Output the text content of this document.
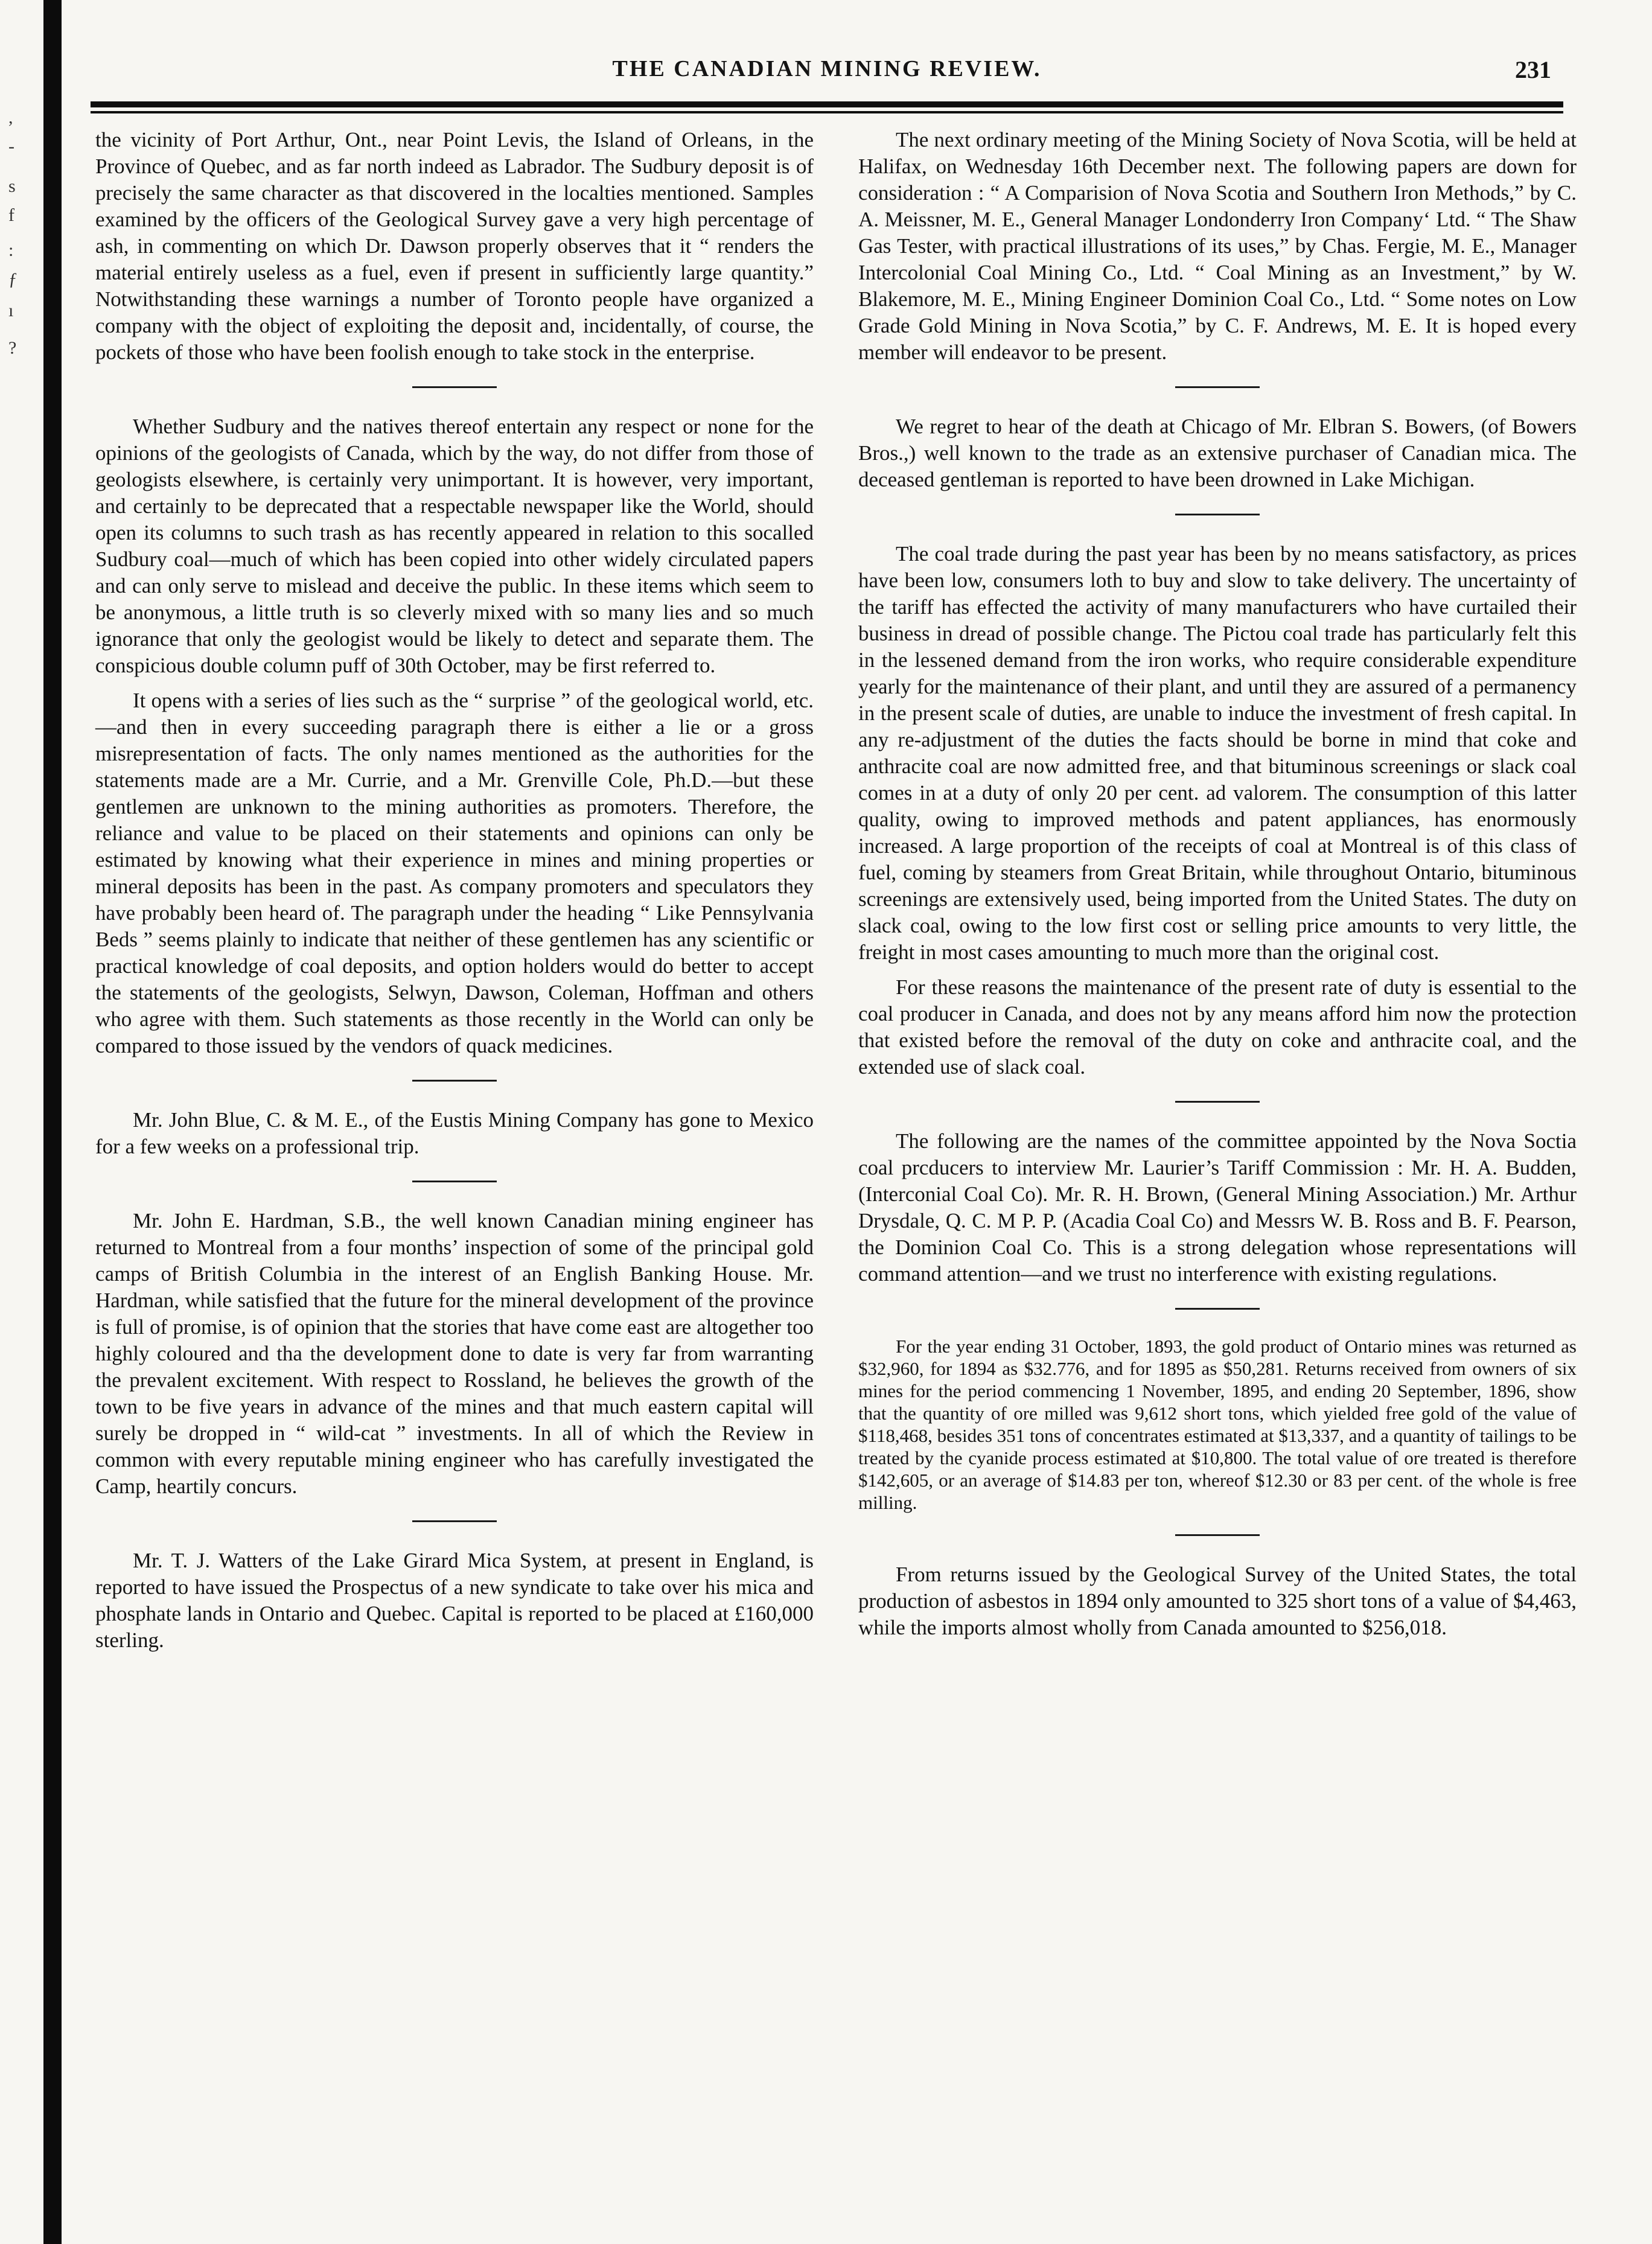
,
-
s
f
:
ƒ
ı
?
THE CANADIAN MINING REVIEW.	231

the vicinity of Port Arthur, Ont., near Point Levis, the Island of Orleans, in the Province of Quebec, and as far north indeed as Labrador. The Sudbury deposit is of precisely the same character as that discovered in the localties mentioned. Samples examined by the officers of the Geological Survey gave a very high percentage of ash, in commenting on which Dr. Dawson properly observes that it “ renders the material entirely useless as a fuel, even if present in sufficiently large quantity.” Notwithstanding these warnings a number of Toronto people have organized a company with the object of exploiting the deposit and, incidentally, of course, the pockets of those who have been foolish enough to take stock in the enterprise.

Whether Sudbury and the natives thereof entertain any respect or none for the opinions of the geologists of Canada, which by the way, do not differ from those of geologists elsewhere, is certainly very unimportant. It is however, very important, and certainly to be deprecated that a respectable newspaper like the World, should open its columns to such trash as has recently appeared in relation to this socalled Sudbury coal—much of which has been copied into other widely circulated papers and can only serve to mislead and deceive the public. In these items which seem to be anonymous, a little truth is so cleverly mixed with so many lies and so much ignorance that only the geologist would be likely to detect and separate them. The conspicious double column puff of 30th October, may be first referred to.

It opens with a series of lies such as the “ surprise ” of the geological world, etc.—and then in every succeeding paragraph there is either a lie or a gross misrepresentation of facts. The only names mentioned as the authorities for the statements made are a Mr. Currie, and a Mr. Grenville Cole, Ph.D.—but these gentlemen are unknown to the mining authorities as promoters. Therefore, the reliance and value to be placed on their statements and opinions can only be estimated by knowing what their experience in mines and mining properties or mineral deposits has been in the past. As company promoters and speculators they have probably been heard of. The paragraph under the heading “ Like Pennsylvania Beds ” seems plainly to indicate that neither of these gentlemen has any scientific or practical knowledge of coal deposits, and option holders would do better to accept the statements of the geologists, Selwyn, Dawson, Coleman, Hoffman and others who agree with them. Such statements as those recently in the World can only be compared to those issued by the vendors of quack medicines.

Mr. John Blue, C. & M. E., of the Eustis Mining Company has gone to Mexico for a few weeks on a professional trip.

Mr. John E. Hardman, S.B., the well known Canadian mining engineer has returned to Montreal from a four months’ inspection of some of the principal gold camps of British Columbia in the interest of an English Banking House. Mr. Hardman, while satisfied that the future for the mineral development of the province is full of promise, is of opinion that the stories that have come east are altogether too highly coloured and tha the development done to date is very far from warranting the prevalent excitement. With respect to Rossland, he believes the growth of the town to be five years in advance of the mines and that much eastern capital will surely be dropped in “ wild-cat ” investments. In all of which the Review in common with every reputable mining engineer who has carefully investigated the Camp, heartily concurs.

Mr. T. J. Watters of the Lake Girard Mica System, at present in England, is reported to have issued the Prospectus of a new syndicate to take over his mica and phosphate lands in Ontario and Quebec. Capital is reported to be placed at £160,000 sterling.

The next ordinary meeting of the Mining Society of Nova Scotia, will be held at Halifax, on Wednesday 16th December next. The following papers are down for consideration : “ A Comparision of Nova Scotia and Southern Iron Methods,” by C. A. Meissner, M. E., General Manager Londonderry Iron Company‘ Ltd. “ The Shaw Gas Tester, with practical illustrations of its uses,” by Chas. Fergie, M. E., Manager Intercolonial Coal Mining Co., Ltd. “ Coal Mining as an Investment,” by W. Blakemore, M. E., Mining Engineer Dominion Coal Co., Ltd. “ Some notes on Low Grade Gold Mining in Nova Scotia,” by C. F. Andrews, M. E. It is hoped every member will endeavor to be present.

We regret to hear of the death at Chicago of Mr. Elbran S. Bowers, (of Bowers Bros.,) well known to the trade as an extensive purchaser of Canadian mica. The deceased gentleman is reported to have been drowned in Lake Michigan.

The coal trade during the past year has been by no means satisfactory, as prices have been low, consumers loth to buy and slow to take delivery. The uncertainty of the tariff has effected the activity of many manufacturers who have curtailed their business in dread of possible change. The Pictou coal trade has particularly felt this in the lessened demand from the iron works, who require considerable expenditure yearly for the maintenance of their plant, and until they are assured of a permanency in the present scale of duties, are unable to induce the investment of fresh capital. In any re-adjustment of the duties the facts should be borne in mind that coke and anthracite coal are now admitted free, and that bituminous screenings or slack coal comes in at a duty of only 20 per cent. ad valorem. The consumption of this latter quality, owing to improved methods and patent appliances, has enormously increased. A large proportion of the receipts of coal at Montreal is of this class of fuel, coming by steamers from Great Britain, while throughout Ontario, bituminous screenings are extensively used, being imported from the United States. The duty on slack coal, owing to the low first cost or selling price amounts to very little, the freight in most cases amounting to much more than the original cost.

For these reasons the maintenance of the present rate of duty is essential to the coal producer in Canada, and does not by any means afford him now the protection that existed before the removal of the duty on coke and anthracite coal, and the extended use of slack coal.

The following are the names of the committee appointed by the Nova Soctia coal prcducers to interview Mr. Laurier’s Tariff Commission : Mr. H. A. Budden, (Interconial Coal Co). Mr. R. H. Brown, (General Mining Association.) Mr. Arthur Drysdale, Q. C. M P. P. (Acadia Coal Co) and Messrs W. B. Ross and B. F. Pearson, the Dominion Coal Co. This is a strong delegation whose representations will command attention—and we trust no interference with existing regulations.

For the year ending 31 October, 1893, the gold product of Ontario mines was returned as $32,960, for 1894 as $32.776, and for 1895 as $50,281. Returns received from owners of six mines for the period commencing 1 November, 1895, and ending 20 September, 1896, show that the quantity of ore milled was 9,612 short tons, which yielded free gold of the value of $118,468, besides 351 tons of concentrates estimated at $13,337, and a quantity of tailings to be treated by the cyanide process estimated at $10,800. The total value of ore treated is therefore $142,605, or an average of $14.83 per ton, whereof $12.30 or 83 per cent. of the whole is free milling.

From returns issued by the Geological Survey of the United States, the total production of asbestos in 1894 only amounted to 325 short tons of a value of $4,463, while the imports almost wholly from Canada amounted to $256,018.
